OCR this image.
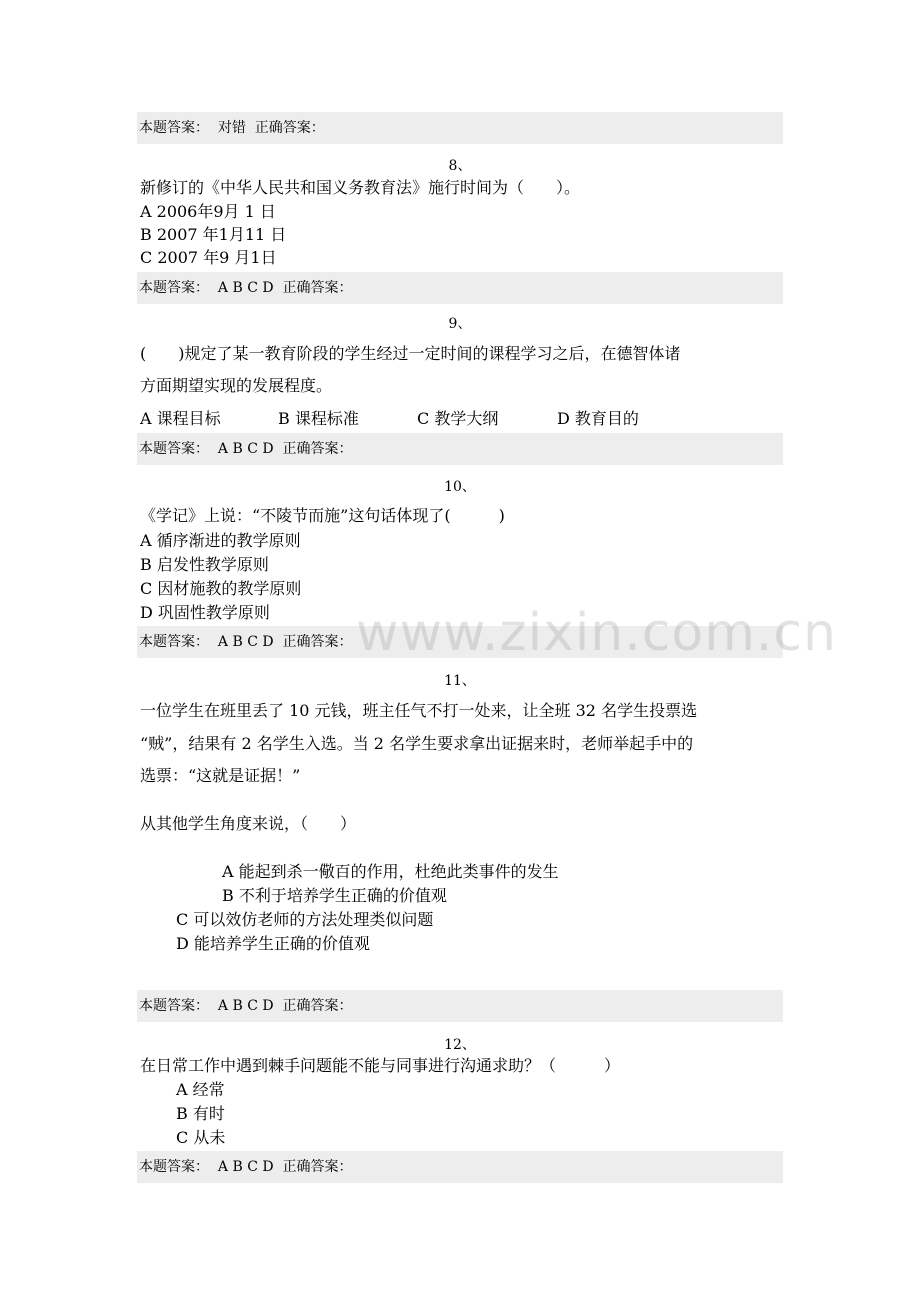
本题答案：  对错  正确答案：
8、
新修订的《中华人民共和国义务教育法》施行时间为（　　）。
A 2006年9月 1 日
B 2007 年1月11 日
C 2007 年9 月1日
本题答案：  A B C D  正确答案：
9、
(　　)规定了某一教育阶段的学生经过一定时间的课程学习之后，在德智体诸
方面期望实现的发展程度。
A 课程目标	B 课程标准	C 教学大纲	D 教育目的
本题答案：  A B C D  正确答案：
10、
《学记》上说：“不陵节而施”这句话体现了(　　　)
A 循序渐进的教学原则
B 启发性教学原则
C 因材施教的教学原则
D 巩固性教学原则
本题答案：  A B C D  正确答案：
11、
一位学生在班里丢了 10 元钱，班主任气不打一处来，让全班 32 名学生投票选
“贼”，结果有 2 名学生入选。当 2 名学生要求拿出证据来时，老师举起手中的
选票：“这就是证据！”
从其他学生角度来说，（　　）
A 能起到杀一儆百的作用，杜绝此类事件的发生
B 不利于培养学生正确的价值观
C 可以效仿老师的方法处理类似问题
D 能培养学生正确的价值观
本题答案：  A B C D  正确答案：
12、
在日常工作中遇到棘手问题能不能与同事进行沟通求助？（　　　）
A 经常
B 有时
C 从未
本题答案：  A B C D  正确答案：
www.zixin.com.cn
